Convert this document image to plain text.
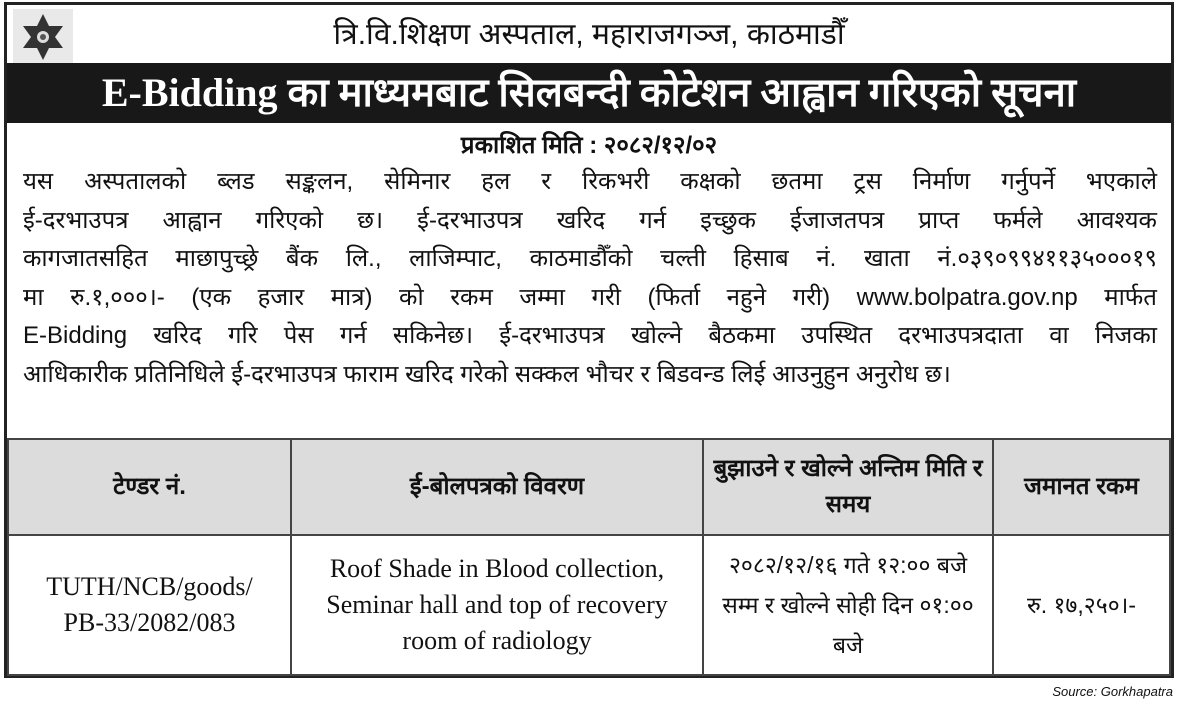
त्रि.वि.शिक्षण अस्पताल, महाराजगञ्ज, काठमाडौँ
E-Bidding का माध्यमबाट सिलबन्दी कोटेशन आह्वान गरिएको सूचना
प्रकाशित मिति : २०८२/१२/०२

यस अस्पतालको ब्लड सङ्कलन, सेमिनार हल र रिकभरी कक्षको छतमा ट्रस निर्माण गर्नुपर्ने भएकाले

ई-दरभाउपत्र आह्वान गरिएको छ। ई-दरभाउपत्र खरिद गर्न इच्छुक ईजाजतपत्र प्राप्त फर्मले आवश्यक

कागजातसहित माछापुच्छ्रे बैंक लि., लाजिम्पाट, काठमाडौँको चल्ती हिसाब नं. खाता नं.०३९०९९४११३५०००१९

मा रु.१,०००।- (एक हजार मात्र) को रकम जम्मा गरी (फिर्ता नहुने गरी) www.bolpatra.gov.np मार्फत

E-Bidding खरिद गरि पेस गर्न सकिनेछ। ई-दरभाउपत्र खोल्ने बैठकमा उपस्थित दरभाउपत्रदाता वा निजका

आधिकारीक प्रतिनिधिले ई-दरभाउपत्र फाराम खरिद गरेको सक्कल भौचर र बिडवन्ड लिई आउनुहुन अनुरोध छ।

टेण्डर नं.	ई-बोलपत्रको विवरण	बुझाउने र खोल्ने अन्तिम मिति र समय	जमानत रकम
TUTH/NCB/goods/ PB-33/2082/083	Roof Shade in Blood collection, Seminar hall and top of recovery room of radiology	२०८२/१२/१६ गते १२:०० बजे सम्म र खोल्ने सोही दिन ०१:०० बजे	रु. १७,२५०।-
Source: Gorkhapatra
